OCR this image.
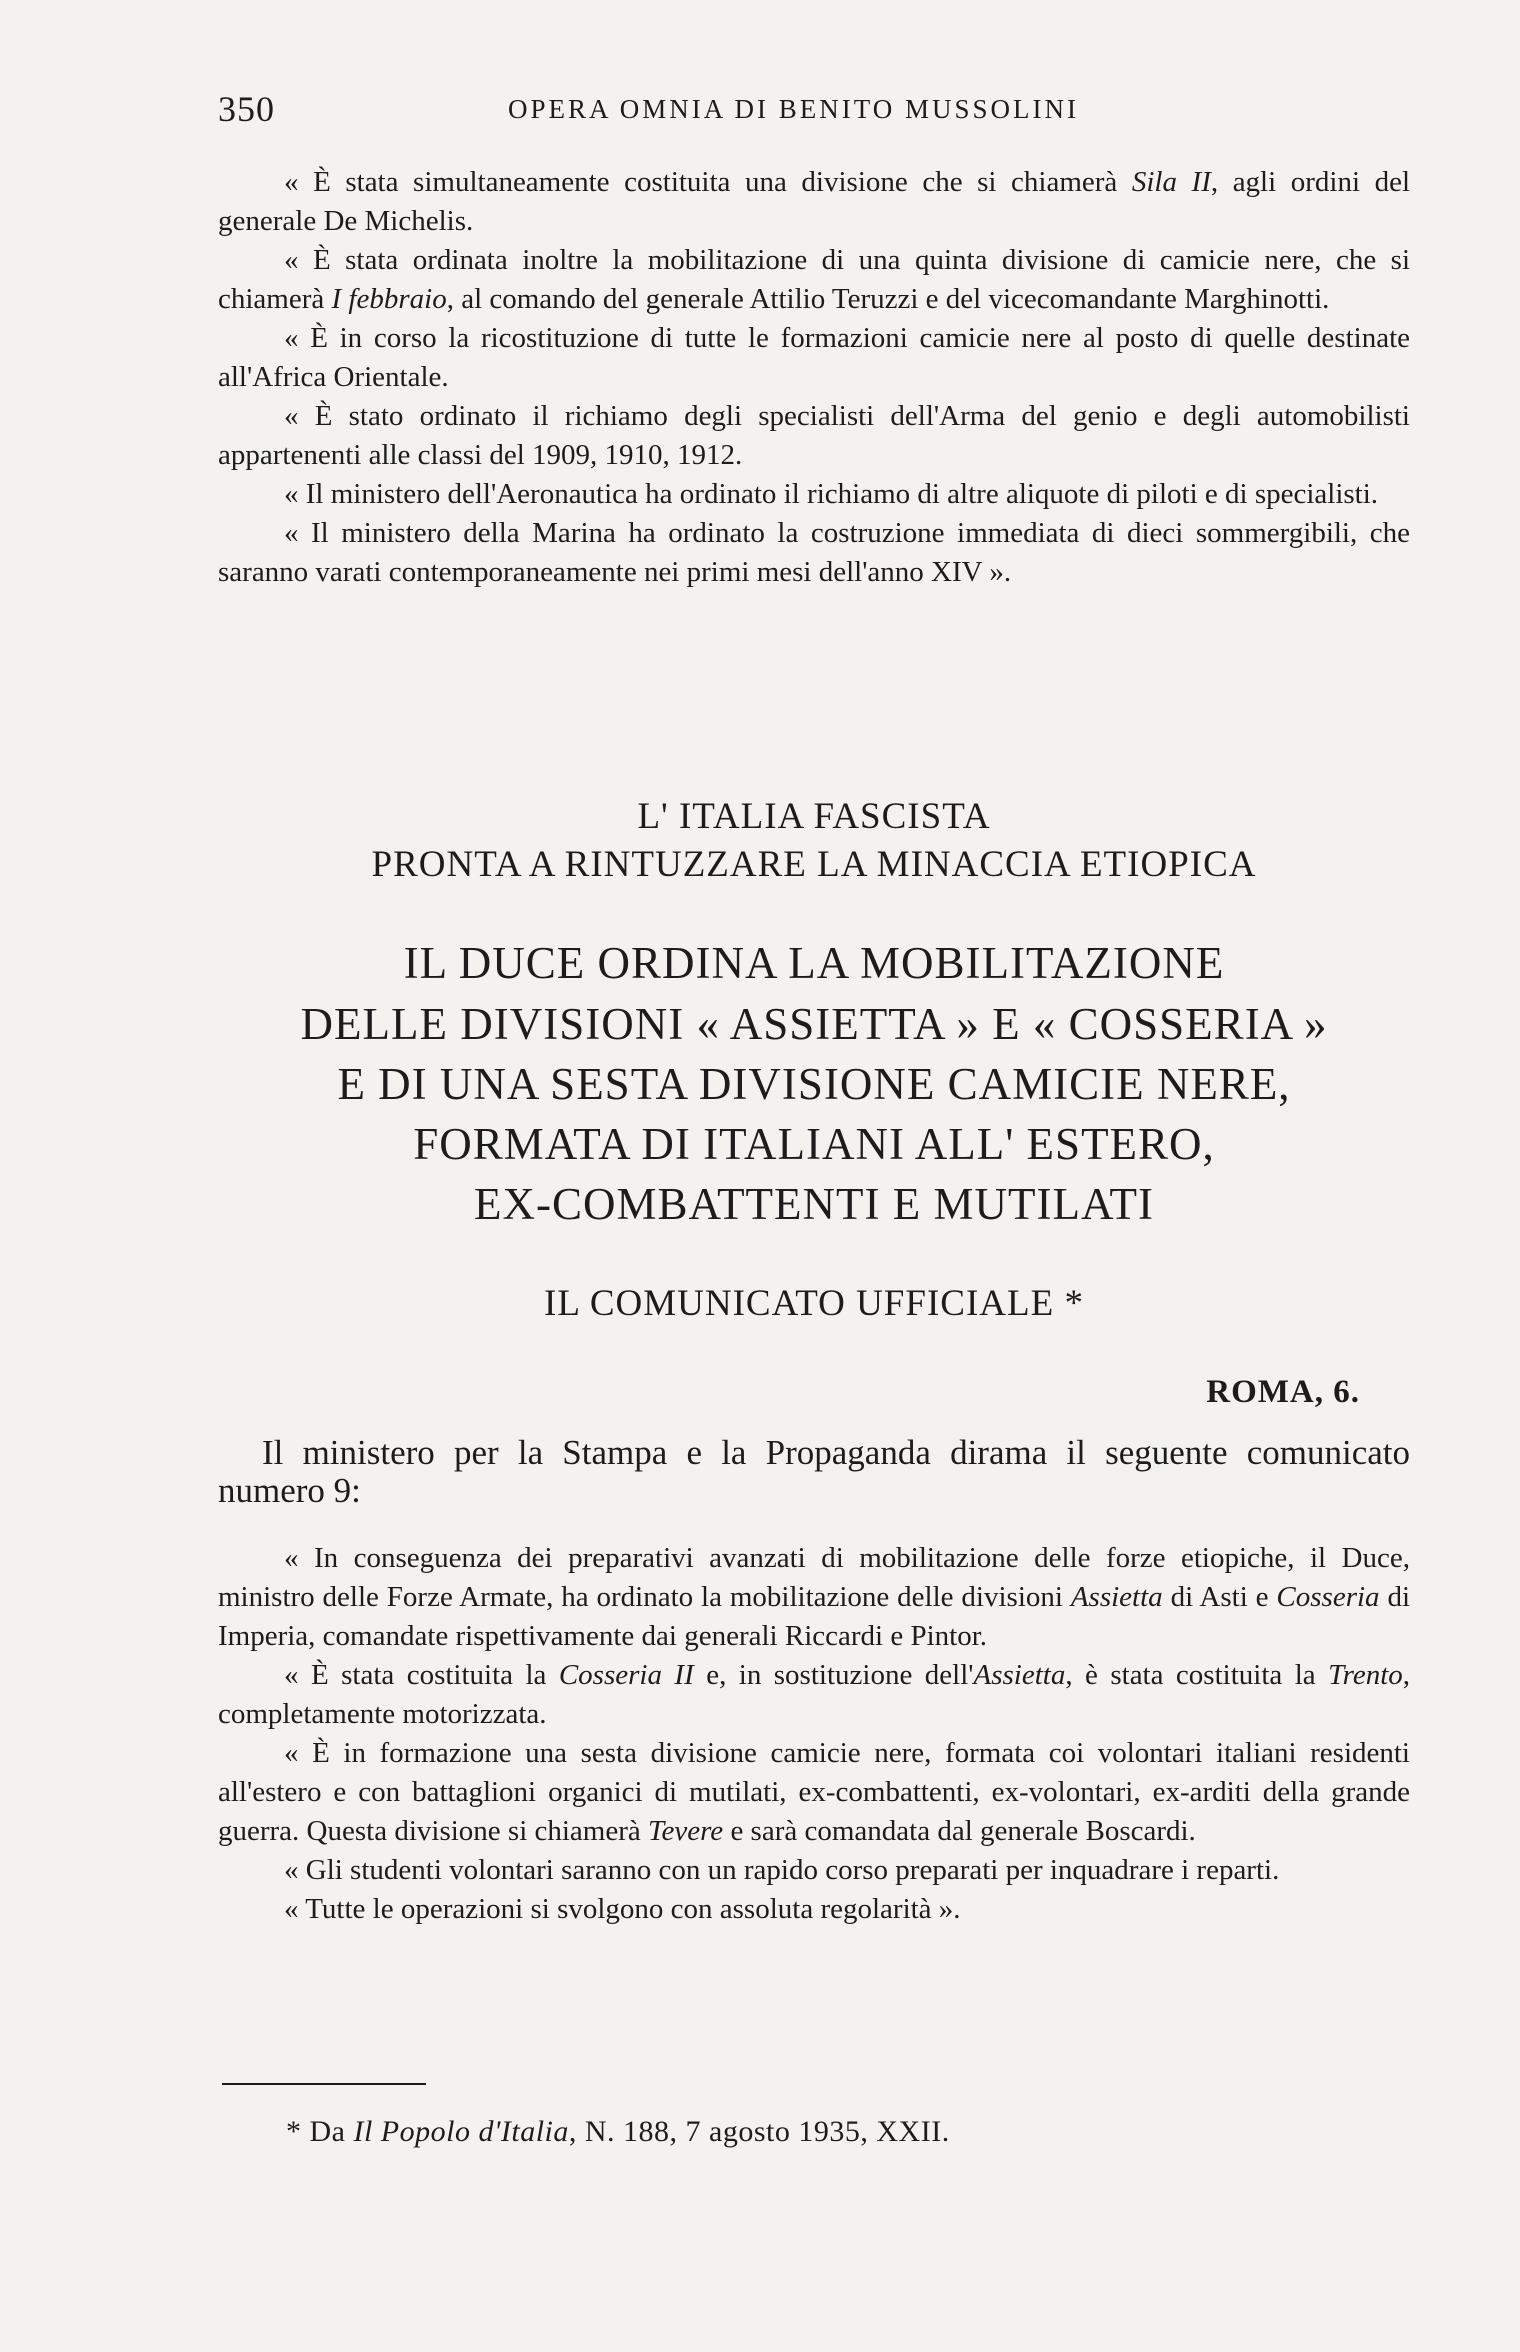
350	OPERA OMNIA DI BENITO MUSSOLINI

« È stata simultaneamente costituita una divisione che si chiamerà Sila II, agli ordini del generale De Michelis.

« È stata ordinata inoltre la mobilitazione di una quinta divisione di camicie nere, che si chiamerà I febbraio, al comando del generale Attilio Teruzzi e del vicecomandante Marghinotti.

« È in corso la ricostituzione di tutte le formazioni camicie nere al posto di quelle destinate all'Africa Orientale.

« È stato ordinato il richiamo degli specialisti dell'Arma del genio e degli automobilisti appartenenti alle classi del 1909, 1910, 1912.

« Il ministero dell'Aeronautica ha ordinato il richiamo di altre aliquote di piloti e di specialisti.

« Il ministero della Marina ha ordinato la costruzione immediata di dieci sommergibili, che saranno varati contemporaneamente nei primi mesi dell'anno XIV ».

L' ITALIA FASCISTA
PRONTA A RINTUZZARE LA MINACCIA ETIOPICA
IL DUCE ORDINA LA MOBILITAZIONE
DELLE DIVISIONI « ASSIETTA » E « COSSERIA »
E DI UNA SESTA DIVISIONE CAMICIE NERE,
FORMATA DI ITALIANI ALL' ESTERO,
EX-COMBATTENTI E MUTILATI
IL COMUNICATO UFFICIALE *
ROMA, 6.

Il ministero per la Stampa e la Propaganda dirama il seguente comunicato numero 9:

« In conseguenza dei preparativi avanzati di mobilitazione delle forze etiopiche, il Duce, ministro delle Forze Armate, ha ordinato la mobilitazione delle divisioni Assietta di Asti e Cosseria di Imperia, comandate rispettivamente dai generali Riccardi e Pintor.

« È stata costituita la Cosseria II e, in sostituzione dell'Assietta, è stata costituita la Trento, completamente motorizzata.

« È in formazione una sesta divisione camicie nere, formata coi volontari italiani residenti all'estero e con battaglioni organici di mutilati, ex-combattenti, ex-volontari, ex-arditi della grande guerra. Questa divisione si chiamerà Tevere e sarà comandata dal generale Boscardi.

« Gli studenti volontari saranno con un rapido corso preparati per inquadrare i reparti.

« Tutte le operazioni si svolgono con assoluta regolarità ».

* Da Il Popolo d'Italia, N. 188, 7 agosto 1935, XXII.
